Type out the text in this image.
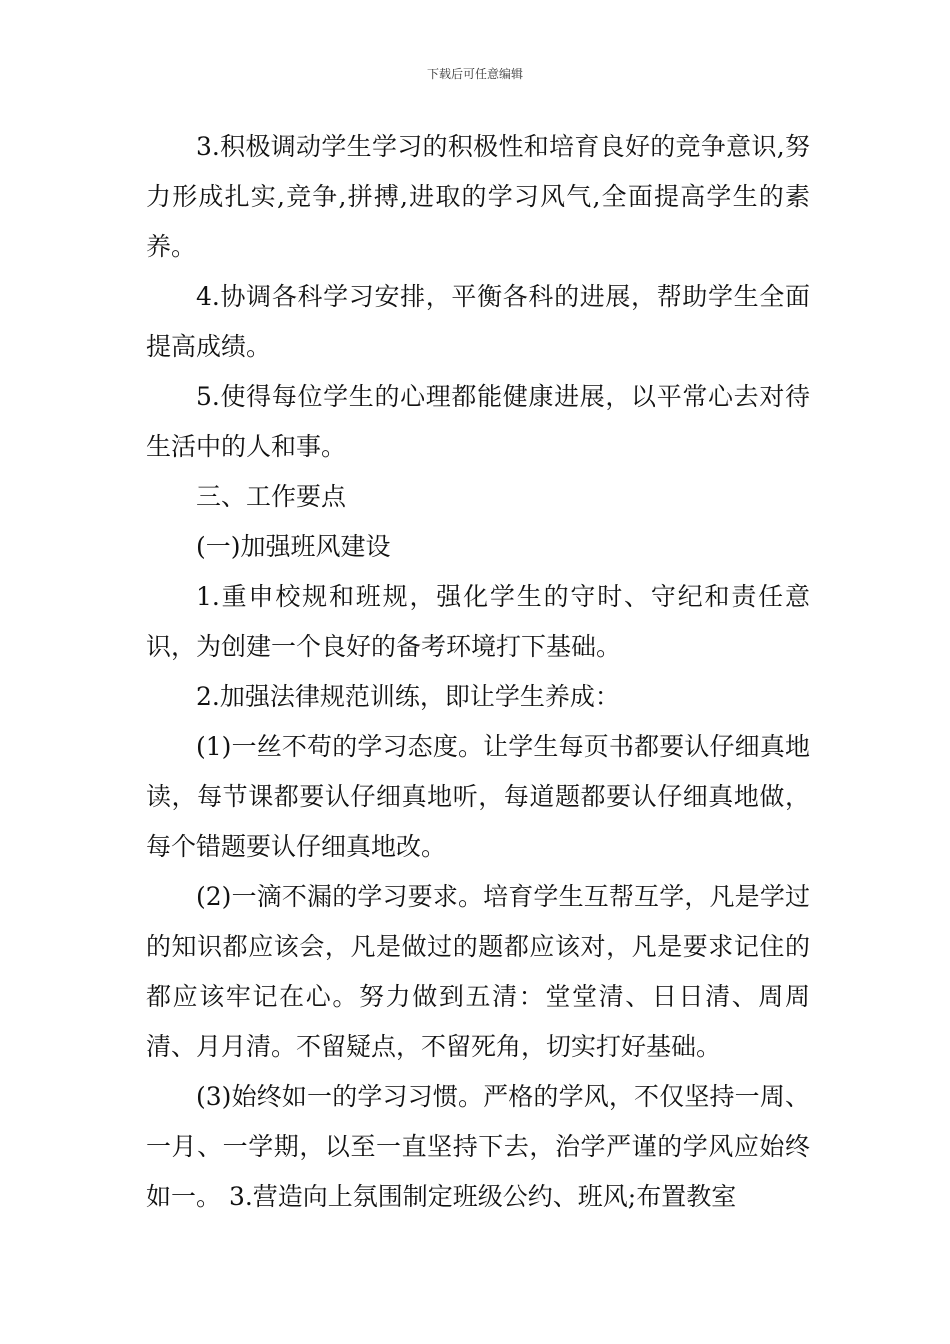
下载后可任意编辑

3.积极调动学生学习的积极性和培育良好的竞争意识,努力形成扎实,竞争,拼搏,进取的学习风气,全面提高学生的素养。

4.协调各科学习安排，平衡各科的进展，帮助学生全面提高成绩。

5.使得每位学生的心理都能健康进展，以平常心去对待生活中的人和事。

三、工作要点

(一)加强班风建设

1.重申校规和班规，强化学生的守时、守纪和责任意识，为创建一个良好的备考环境打下基础。

2.加强法律规范训练，即让学生养成：

(1)一丝不苟的学习态度。让学生每页书都要认仔细真地读，每节课都要认仔细真地听，每道题都要认仔细真地做，每个错题要认仔细真地改。

(2)一滴不漏的学习要求。培育学生互帮互学，凡是学过的知识都应该会，凡是做过的题都应该对，凡是要求记住的都应该牢记在心。努力做到五清：堂堂清、日日清、周周清、月月清。不留疑点，不留死角，切实打好基础。

(3)始终如一的学习习惯。严格的学风，不仅坚持一周、一月、一学期，以至一直坚持下去，治学严谨的学风应始终如一。 3.营造向上氛围制定班级公约、班风;布置教室
